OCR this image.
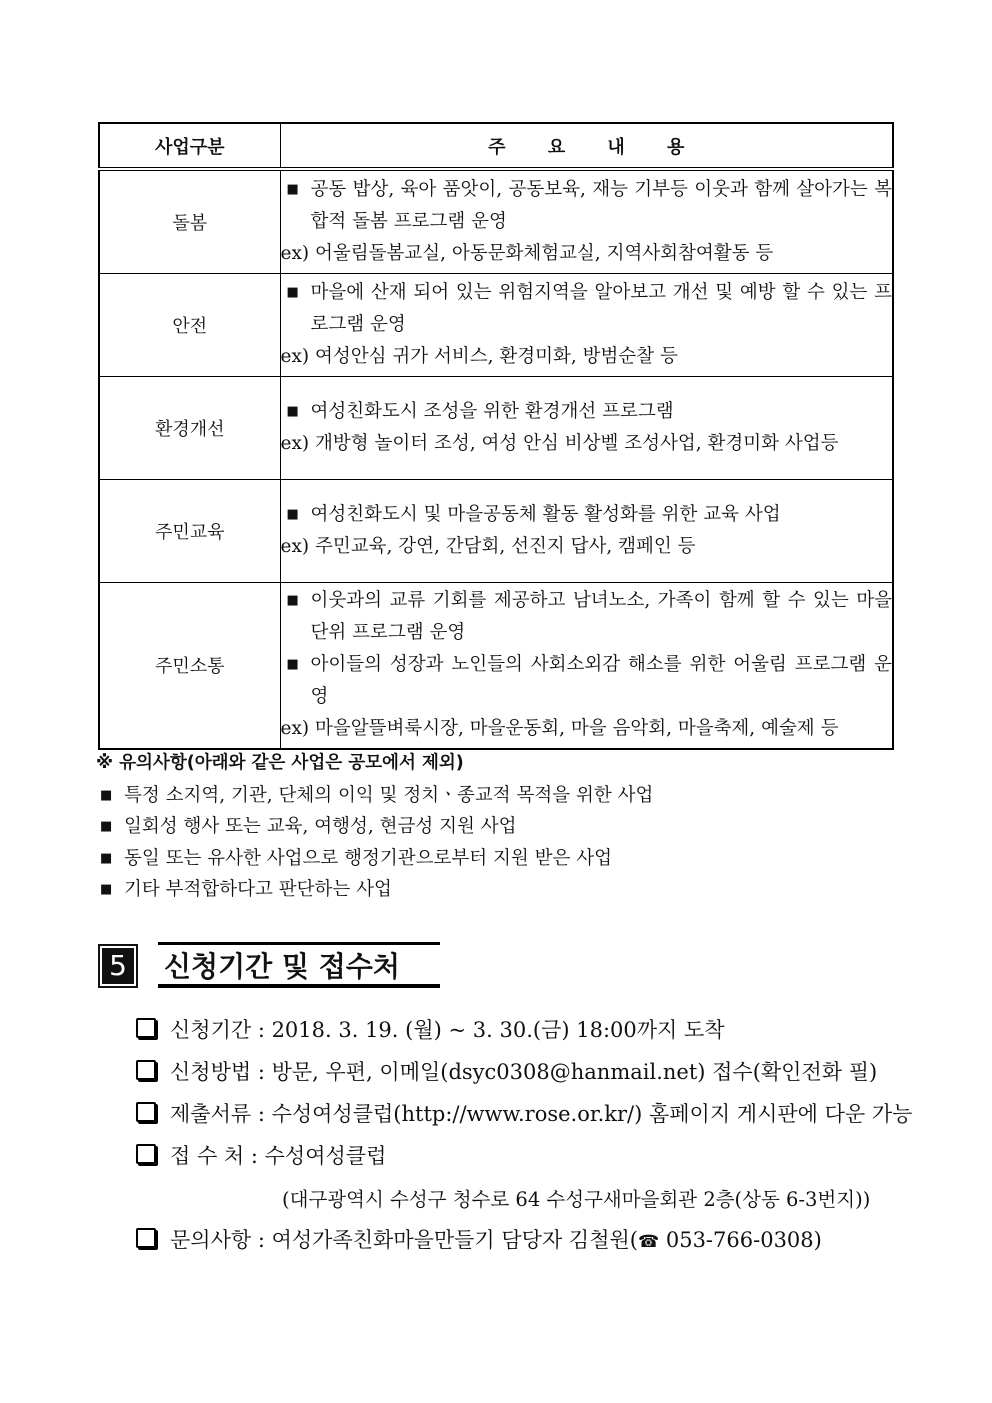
사업구분	주 요 내 용
돌봄	■ 공동 밥상, 육아 품앗이, 공동보육, 재능 기부등 이웃과 함께 살아가는 복합적 돌봄 프로그램 운영
ex) 어울림돌봄교실, 아동문화체험교실, 지역사회참여활동 등

안전	■ 마을에 산재 되어 있는 위험지역을 알아보고 개선 및 예방 할 수 있는 프로그램 운영
ex) 여성안심 귀가 서비스, 환경미화, 방범순찰 등

환경개선	■ 여성친화도시 조성을 위한 환경개선 프로그램
ex) 개방형 놀이터 조성, 여성 안심 비상벨 조성사업, 환경미화 사업등

주민교육	■ 여성친화도시 및 마을공동체 활동 활성화를 위한 교육 사업
ex) 주민교육, 강연, 간담회, 선진지 답사, 캠페인 등

주민소통	■ 이웃과의 교류 기회를 제공하고 남녀노소, 가족이 함께 할 수 있는 마을단위 프로그램 운영
■ 아이들의 성장과 노인들의 사회소외감 해소를 위한 어울림 프로그램 운영
ex) 마을알뜰벼룩시장, 마을운동회, 마을 음악회, 마을축제, 예술제 등
※ 유의사항(아래와 같은 사업은 공모에서 제외)
■ 특정 소지역, 기관, 단체의 이익 및 정치ㆍ종교적 목적을 위한 사업
■ 일회성 행사 또는 교육, 여행성, 현금성 지원 사업
■ 동일 또는 유사한 사업으로 행정기관으로부터 지원 받은 사업
■ 기타 부적합하다고 판단하는 사업
5	신청기간 및 접수처
신청기간 : 2018. 3. 19. (월) ~ 3. 30.(금) 18:00까지 도착
신청방법 : 방문, 우편, 이메일(dsyc0308@hanmail.net) 접수(확인전화 필)
제출서류 : 수성여성클럽(http://www.rose.or.kr/) 홈페이지 게시판에 다운 가능
접 수 처 : 수성여성클럽
(대구광역시 수성구 청수로 64 수성구새마을회관 2층(상동 6-3번지))
문의사항 : 여성가족친화마을만들기 담당자 김철원(☎ 053-766-0308)
